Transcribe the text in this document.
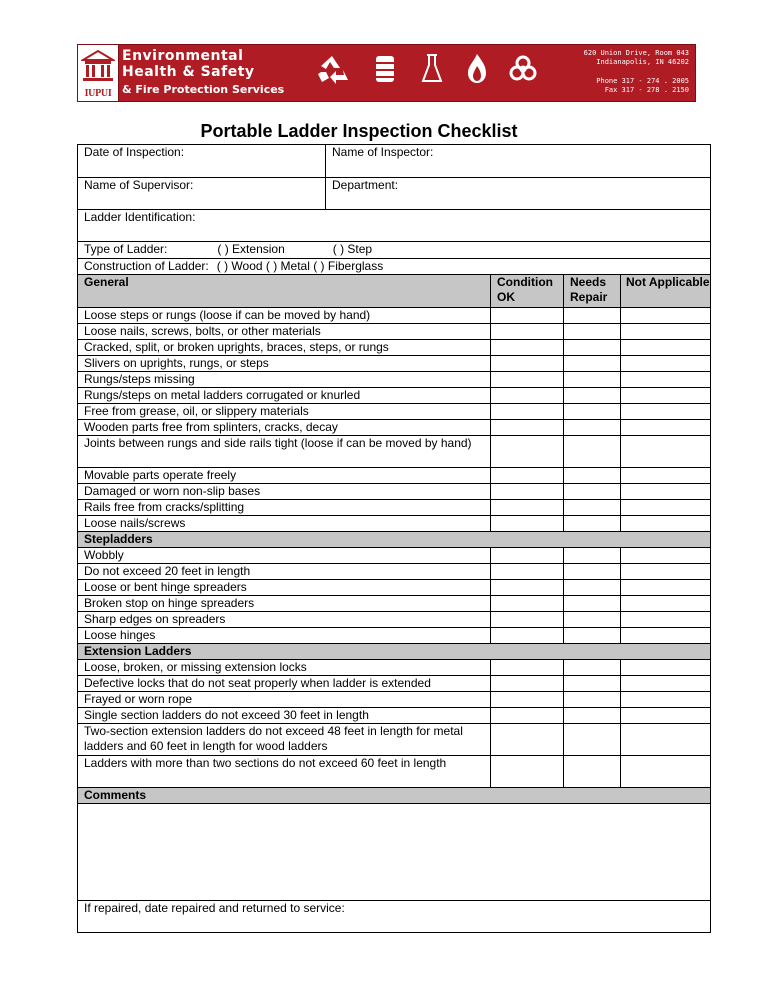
IUPUI
Environmental
Health & Safety
& Fire Protection Services
620 Union Drive, Room 043
Indianapolis, IN 46202
Phone 317 - 274 . 2005
Fax 317 - 278 . 2150
Portable Ladder Inspection Checklist
Date of Inspection:	Name of Inspector:			
Name of Supervisor:	Department:			
Ladder Identification:				
Type of Ladder: ( ) Extension ( ) Step				
Construction of Ladder: ( ) Wood ( ) Metal ( ) Fiberglass				
General		Condition OK	Needs Repair	Not Applicable
Loose steps or rungs (loose if can be moved by hand)				
Loose nails, screws, bolts, or other materials				
Cracked, split, or broken uprights, braces, steps, or rungs				
Slivers on uprights, rungs, or steps				
Rungs/steps missing				
Rungs/steps on metal ladders corrugated or knurled				
Free from grease, oil, or slippery materials				
Wooden parts free from splinters, cracks, decay				
Joints between rungs and side rails tight (loose if can be moved by hand)				
Movable parts operate freely				
Damaged or worn non-slip bases				
Rails free from cracks/splitting				
Loose nails/screws				
Stepladders				
Wobbly				
Do not exceed 20 feet in length				
Loose or bent hinge spreaders				
Broken stop on hinge spreaders				
Sharp edges on spreaders				
Loose hinges				
Extension Ladders				
Loose, broken, or missing extension locks				
Defective locks that do not seat properly when ladder is extended				
Frayed or worn rope				
Single section ladders do not exceed 30 feet in length				
Two-section extension ladders do not exceed 48 feet in length for metal ladders and 60 feet in length for wood ladders				
Ladders with more than two sections do not exceed 60 feet in length				
Comments				

If repaired, date repaired and returned to service:				
